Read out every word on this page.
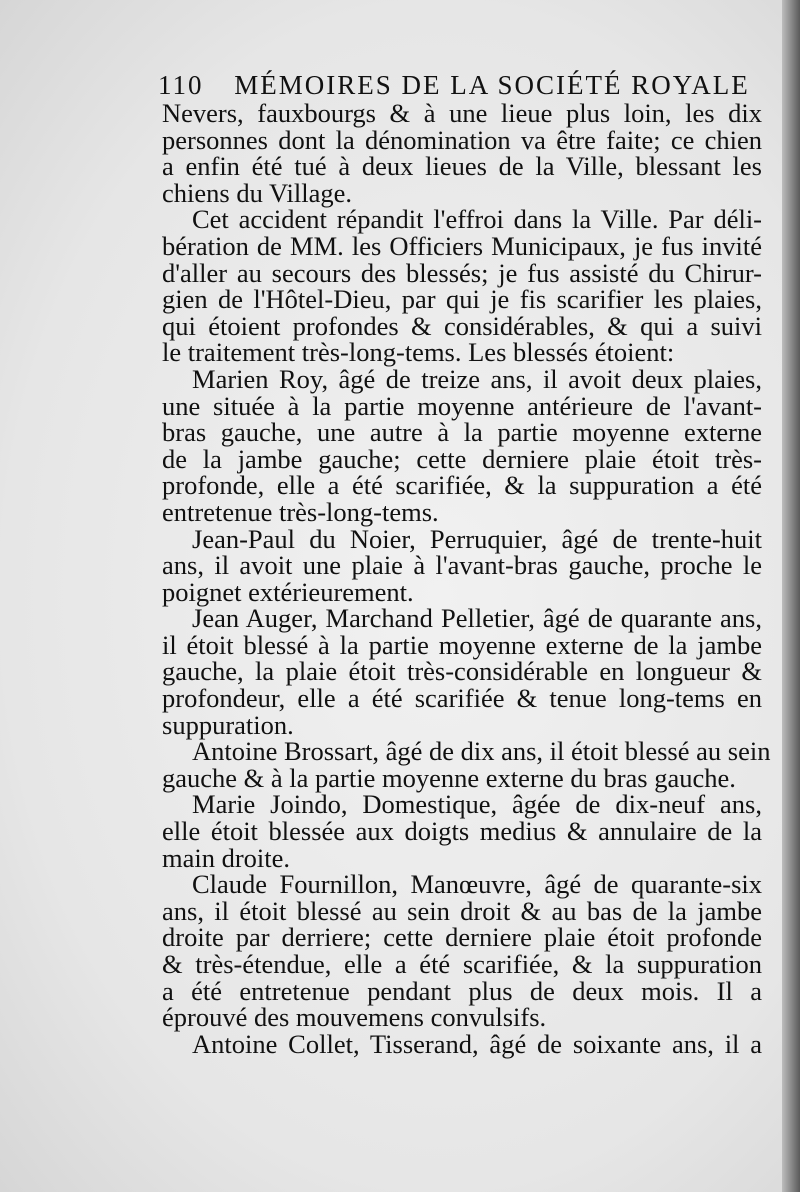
110 MÉMOIRES DE LA SOCIÉTÉ ROYALE
Nevers, fauxbourgs & à une lieue plus loin, les dix
personnes dont la dénomination va être faite; ce chien
a enfin été tué à deux lieues de la Ville, blessant les
chiens du Village.
Cet accident répandit l'effroi dans la Ville. Par déli-
bération de MM. les Officiers Municipaux, je fus invité
d'aller au secours des blessés; je fus assisté du Chirur-
gien de l'Hôtel-Dieu, par qui je fis scarifier les plaies,
qui étoient profondes & considérables, & qui a suivi
le traitement très-long-tems. Les blessés étoient:
Marien Roy, âgé de treize ans, il avoit deux plaies,
une située à la partie moyenne antérieure de l'avant-
bras gauche, une autre à la partie moyenne externe
de la jambe gauche; cette derniere plaie étoit très-
profonde, elle a été scarifiée, & la suppuration a été
entretenue très-long-tems.
Jean-Paul du Noier, Perruquier, âgé de trente-huit
ans, il avoit une plaie à l'avant-bras gauche, proche le
poignet extérieurement.
Jean Auger, Marchand Pelletier, âgé de quarante ans,
il étoit blessé à la partie moyenne externe de la jambe
gauche, la plaie étoit très-considérable en longueur &
profondeur, elle a été scarifiée & tenue long-tems en
suppuration.
Antoine Brossart, âgé de dix ans, il étoit blessé au sein
gauche & à la partie moyenne externe du bras gauche.
Marie Joindo, Domestique, âgée de dix-neuf ans,
elle étoit blessée aux doigts medius & annulaire de la
main droite.
Claude Fournillon, Manœuvre, âgé de quarante-six
ans, il étoit blessé au sein droit & au bas de la jambe
droite par derriere; cette derniere plaie étoit profonde
& très-étendue, elle a été scarifiée, & la suppuration
a été entretenue pendant plus de deux mois. Il a
éprouvé des mouvemens convulsifs.
Antoine Collet, Tisserand, âgé de soixante ans, il a
